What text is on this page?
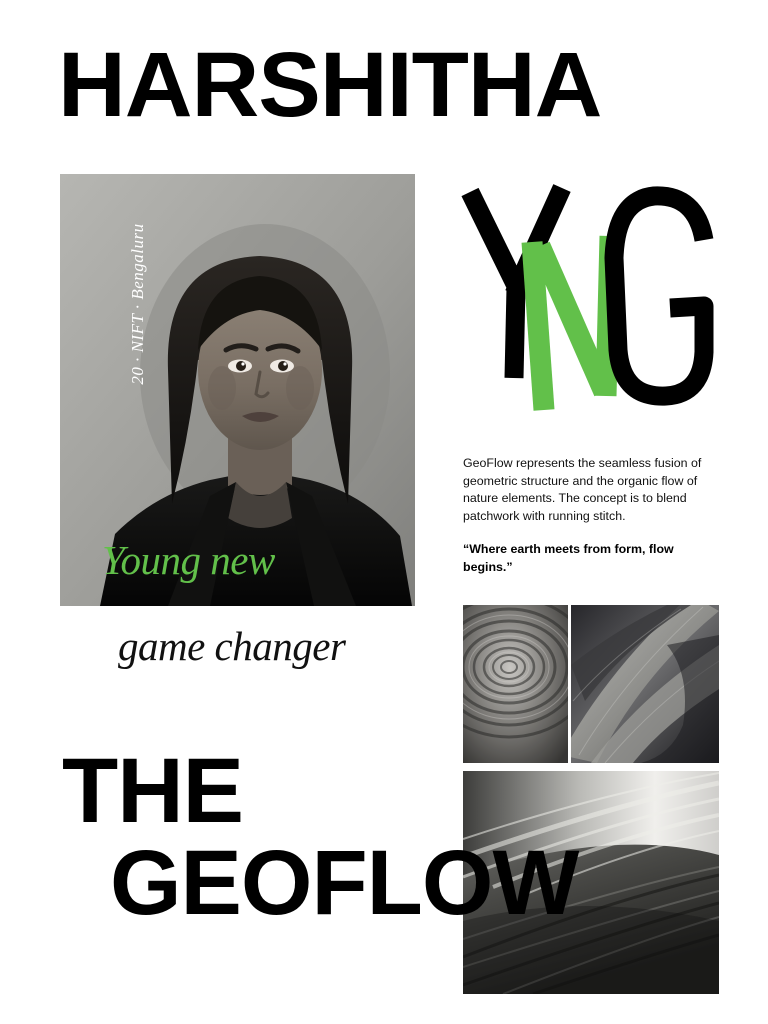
HARSHITHA
20 · NIFT · Bengaluru
Young new
game changer
GeoFlow represents the seamless fusion of geometric structure and the organic flow of nature elements. The concept is to blend patchwork with running stitch.
“Where earth meets from form, flow begins.”
THE
GEOFLOW
